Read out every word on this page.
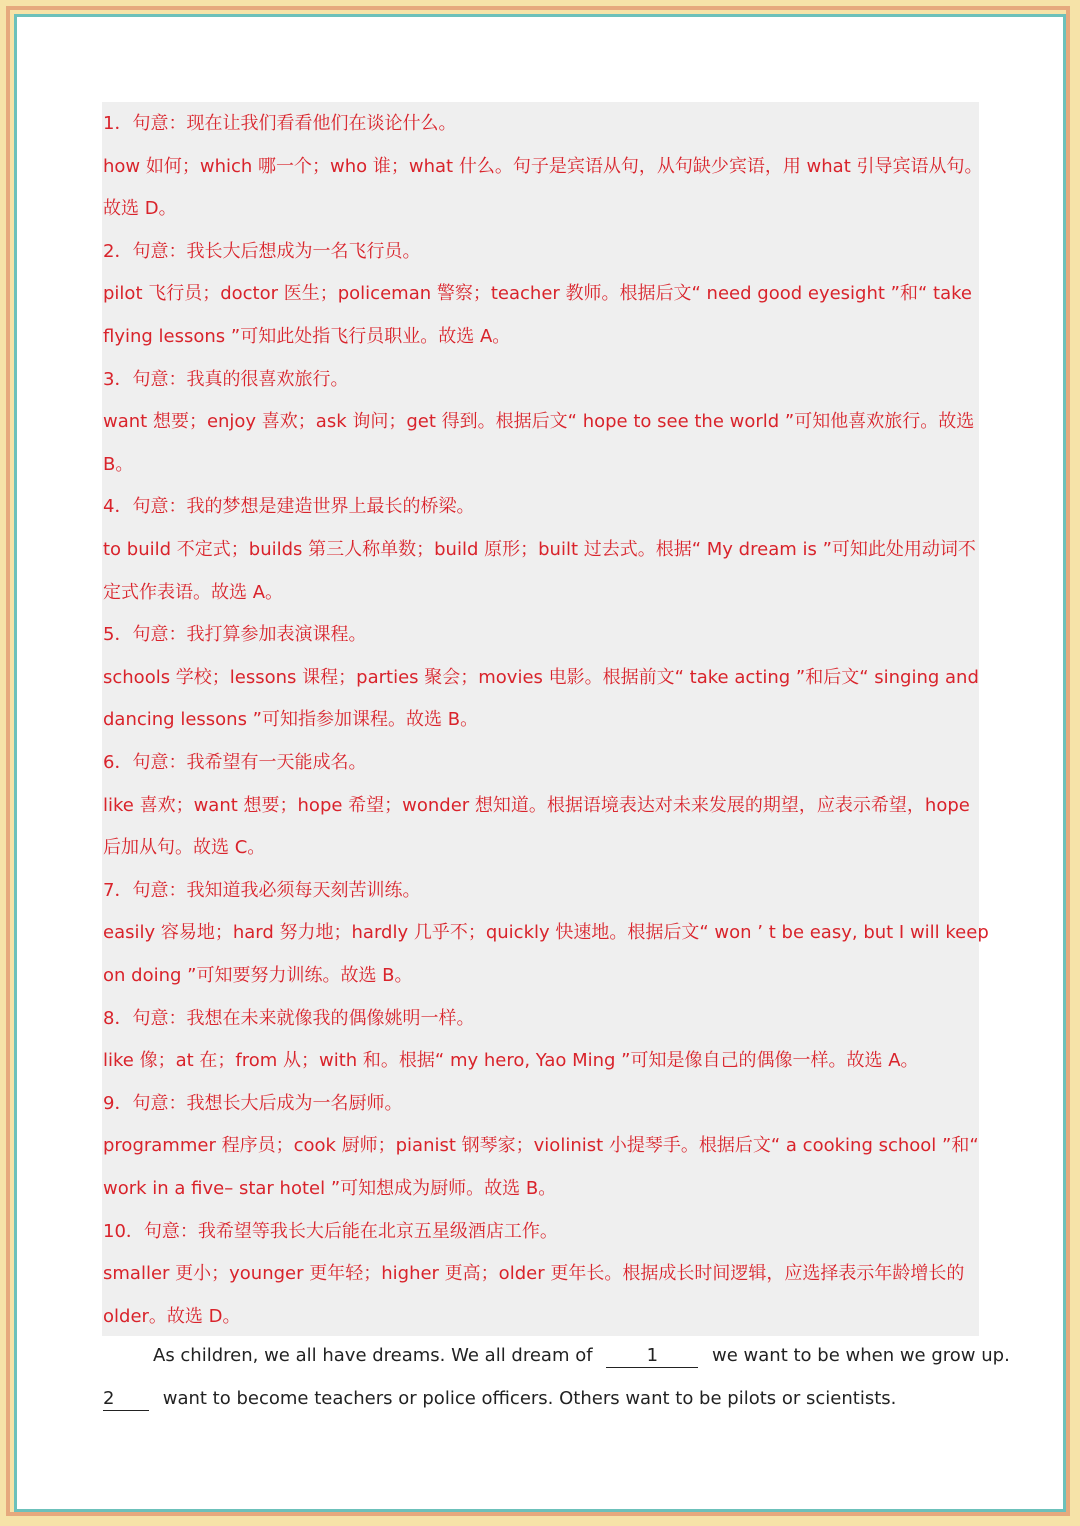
1．句意：现在让我们看看他们在谈论什么。
how 如何；which 哪一个；who 谁；what 什么。句子是宾语从句，从句缺少宾语，用 what 引导宾语从句。
故选 D。
2．句意：我长大后想成为一名飞行员。
pilot 飞行员；doctor 医生；policeman 警察；teacher 教师。根据后文“ need good eyesight ”和“ take
flying lessons ”可知此处指飞行员职业。故选 A。
3．句意：我真的很喜欢旅行。
want 想要；enjoy 喜欢；ask 询问；get 得到。根据后文“ hope to see the world ”可知他喜欢旅行。故选
B。
4．句意：我的梦想是建造世界上最长的桥梁。
to build 不定式；builds 第三人称单数；build 原形；built 过去式。根据“ My dream is ”可知此处用动词不
定式作表语。故选 A。
5．句意：我打算参加表演课程。
schools 学校；lessons 课程；parties 聚会；movies 电影。根据前文“ take acting ”和后文“ singing and
dancing lessons ”可知指参加课程。故选 B。
6．句意：我希望有一天能成名。
like 喜欢；want 想要；hope 希望；wonder 想知道。根据语境表达对未来发展的期望，应表示希望，hope
后加从句。故选 C。
7．句意：我知道我必须每天刻苦训练。
easily 容易地；hard 努力地；hardly 几乎不；quickly 快速地。根据后文“ won ’ t be easy, but I will keep
on doing ”可知要努力训练。故选 B。
8．句意：我想在未来就像我的偶像姚明一样。
like 像；at 在；from 从；with 和。根据“ my hero, Yao Ming ”可知是像自己的偶像一样。故选 A。
9．句意：我想长大后成为一名厨师。
programmer 程序员；cook 厨师；pianist 钢琴家；violinist 小提琴手。根据后文“ a cooking school ”和“
work in a five– star hotel ”可知想成为厨师。故选 B。
10．句意：我希望等我长大后能在北京五星级酒店工作。
smaller 更小；younger 更年轻；higher 更高；older 更年长。根据成长时间逻辑，应选择表示年龄增长的
older。故选 D。
As children, we all have dreams. We all dream of	1	we want to be when we grow up.
2	want to become teachers or police officers. Others want to be pilots or scientists.
